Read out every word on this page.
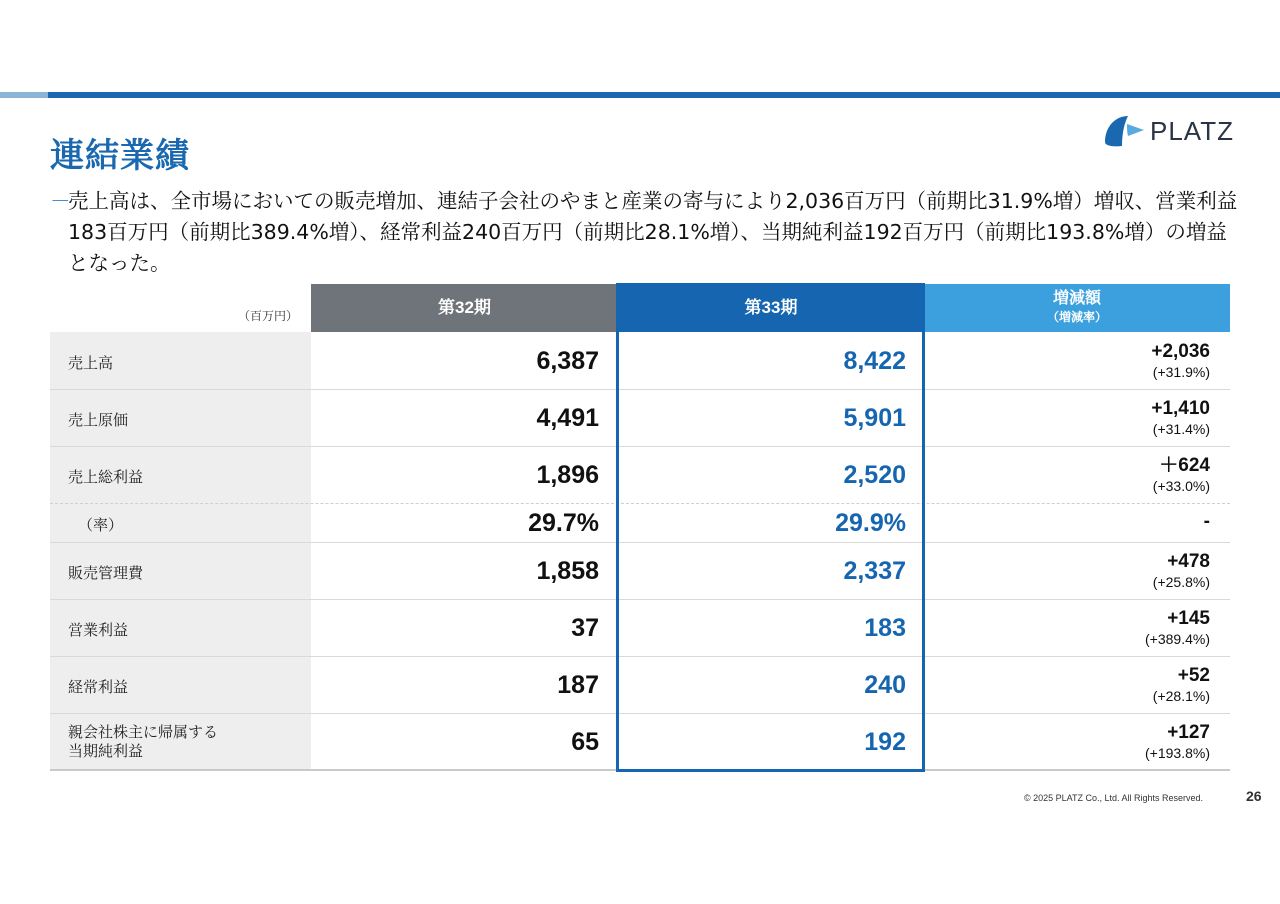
連結業績
PLATZ
－
売上高は、全市場においての販売増加、連結子会社のやまと産業の寄与により2,036百万円（前期比31.9%増）増収、営業利益183百万円（前期比389.4%増）、経常利益240百万円（前期比28.1%増）、当期純利益192百万円（前期比193.8%増）の増益となった。
（百万円）	第32期	第33期	増減額
（増減率）
売上高	6,387	8,422	+2,036
(+31.9%)
売上原価	4,491	5,901	+1,410
(+31.4%)
売上総利益	1,896	2,520	＋624
(+33.0%)
（率）	29.7%	29.9%	-
販売管理費	1,858	2,337	+478
(+25.8%)
営業利益	37	183	+145
(+389.4%)
経常利益	187	240	+52
(+28.1%)
親会社株主に帰属する
当期純利益	65	192	+127
(+193.8%)
© 2025 PLATZ Co., Ltd. All Rights Reserved.	26
